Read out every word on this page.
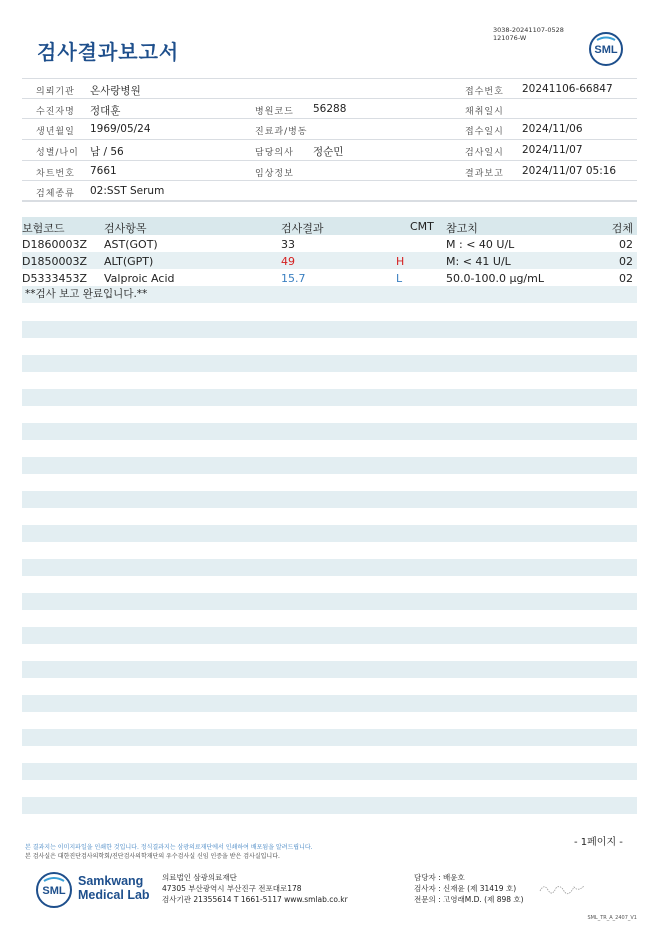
3038-20241107-0528
121076-W
검사결과보고서	SML
의뢰기관 온사랑병원	접수번호 20241106-66847
수진자명 정대훈	병원코드 56288	채취일시
생년월일 1969/05/24	진료과/병동	접수일시 2024/11/06
성별/나이 남 / 56	담당의사 정순민	검사일시 2024/11/07
차트번호 7661	임상정보	결과보고 2024/11/07 05:16
검체종류 02:SST Serum
보험코드	검사항목	검사결과	CMT 참고치	검체
D1860003Z AST(GOT)	33	M : < 40 U/L	02
D1850003Z ALT(GPT)	49	H	M: < 41 U/L	02
D5333453Z Valproic Acid	15.7	L	50.0-100.0 μg/mL	02
**검사 보고 완료입니다.**
- 1페이지 -
본 결과지는 이미지파일을 인쇄한 것입니다. 정식결과지는 삼광의료재단에서 인쇄하여 배포됨을 알려드립니다.
본 검사실은 대한진단검사의학회/진단검사의학재단의 우수검사실 신임 인증을 받은 검사실입니다.
SML
Samkwang
Medical Lab
의료법인 삼광의료재단
47305 부산광역시 부산진구 전포대로178
검사기관 21355614 T 1661-5117 www.smlab.co.kr
담당자 : 배윤호
검사자 : 신재윤 (제 31419 호)
전문의 : 고영래M.D. (제 898 호)
SML_TR_A_2407_V1
